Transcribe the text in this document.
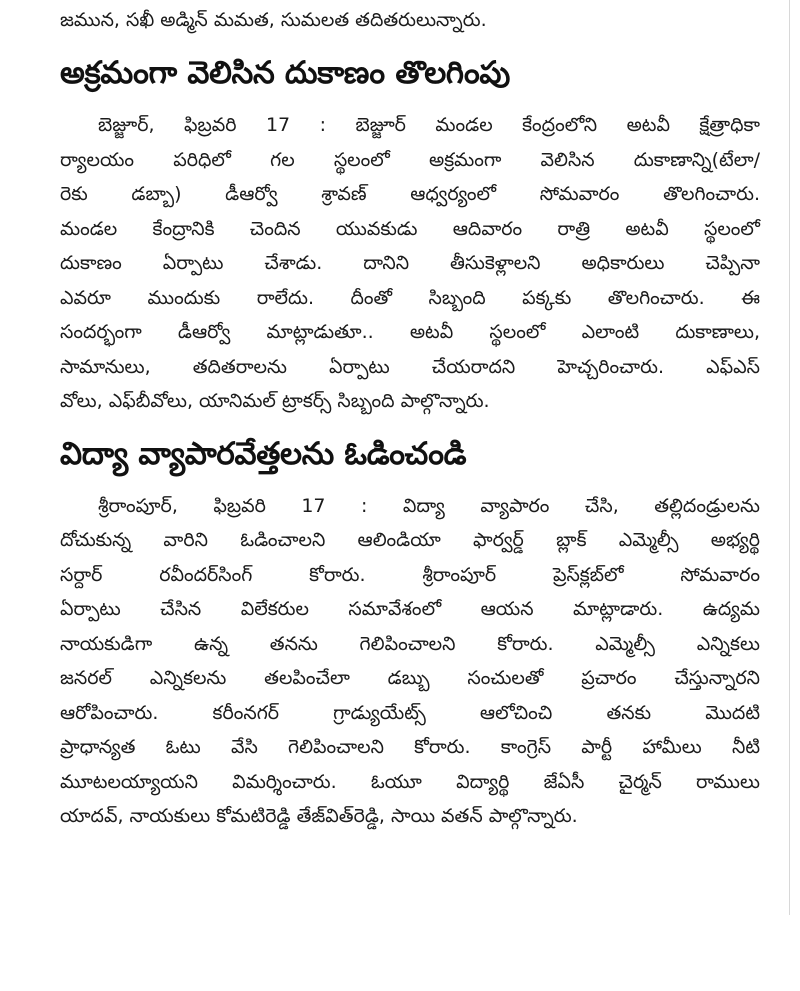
జమున, సఖీ అడ్మిన్‌ మమత, సుమలత తదితరులున్నారు.

అక్రమంగా వెలిసిన దుకాణం తొలగింపు

బెజ్జూర్‌, ఫిబ్రవరి 17 : బెజ్జూర్‌ మండల కేంద్రంలోని అటవీ క్షేత్రాధికా
ర్యాలయం పరిధిలో గల స్థలంలో అక్రమంగా వెలిసిన దుకాణాన్ని(టేలా/
రెకు డబ్బా) డీఆర్వో శ్రావణ్‌ ఆధ్వర్యంలో సోమవారం తొలగించారు.
మండల కేంద్రానికి చెందిన యువకుడు ఆదివారం రాత్రి అటవీ స్థలంలో
దుకాణం ఏర్పాటు చేశాడు. దానిని తీసుకెళ్లాలని అధికారులు చెప్పినా
ఎవరూ ముందుకు రాలేదు. దీంతో సిబ్బంది పక్కకు తొలగించారు. ఈ
సందర్భంగా డీఆర్వో మాట్లాడుతూ.. అటవీ స్థలంలో ఎలాంటి దుకాణాలు,
సామానులు, తదితరాలను ఏర్పాటు చేయరాదని హెచ్చరించారు. ఎఫ్ఎస్
వోలు, ఎఫ్‌బీవోలు, యానిమల్‌ ట్రాకర్స్‌ సిబ్బంది పాల్గొన్నారు.

విద్యా వ్యాపారవేత్తలను ఓడించండి

శ్రీరాంపూర్‌, ఫిబ్రవరి 17 : విద్యా వ్యాపారం చేసి, తల్లిదండ్రులను
దోచుకున్న వారిని ఓడించాలని ఆలిండియా ఫార్వర్డ్‌ బ్లాక్‌ ఎమ్మెల్సీ అభ్యర్థి
సర్దార్‌ రవీందర్‌సింగ్‌ కోరారు. శ్రీరాంపూర్‌ ప్రెస్‌క్లబ్‌లో సోమవారం
ఏర్పాటు చేసిన విలేకరుల సమావేశంలో ఆయన మాట్లాడారు. ఉద్యమ
నాయకుడిగా ఉన్న తనను గెలిపించాలని కోరారు. ఎమ్మెల్సీ ఎన్నికలు
జనరల్‌ ఎన్నికలను తలపించేలా డబ్బు సంచులతో ప్రచారం చేస్తున్నారని
ఆరోపించారు. కరీంనగర్‌ గ్రాడ్యుయేట్స్‌ ఆలోచించి తనకు మొదటి
ప్రాధాన్యత ఓటు వేసి గెలిపించాలని కోరారు. కాంగ్రెస్‌ పార్టీ హామీలు నీటి
మూటలయ్యాయని విమర్శించారు. ఓయూ విద్యార్థి జేఏసీ చైర్మన్‌ రాములు
యాదవ్‌, నాయకులు కోమటిరెడ్డి తేజ్‌విత్‌రెడ్డి, సాయి వతన్‌ పాల్గొన్నారు.
